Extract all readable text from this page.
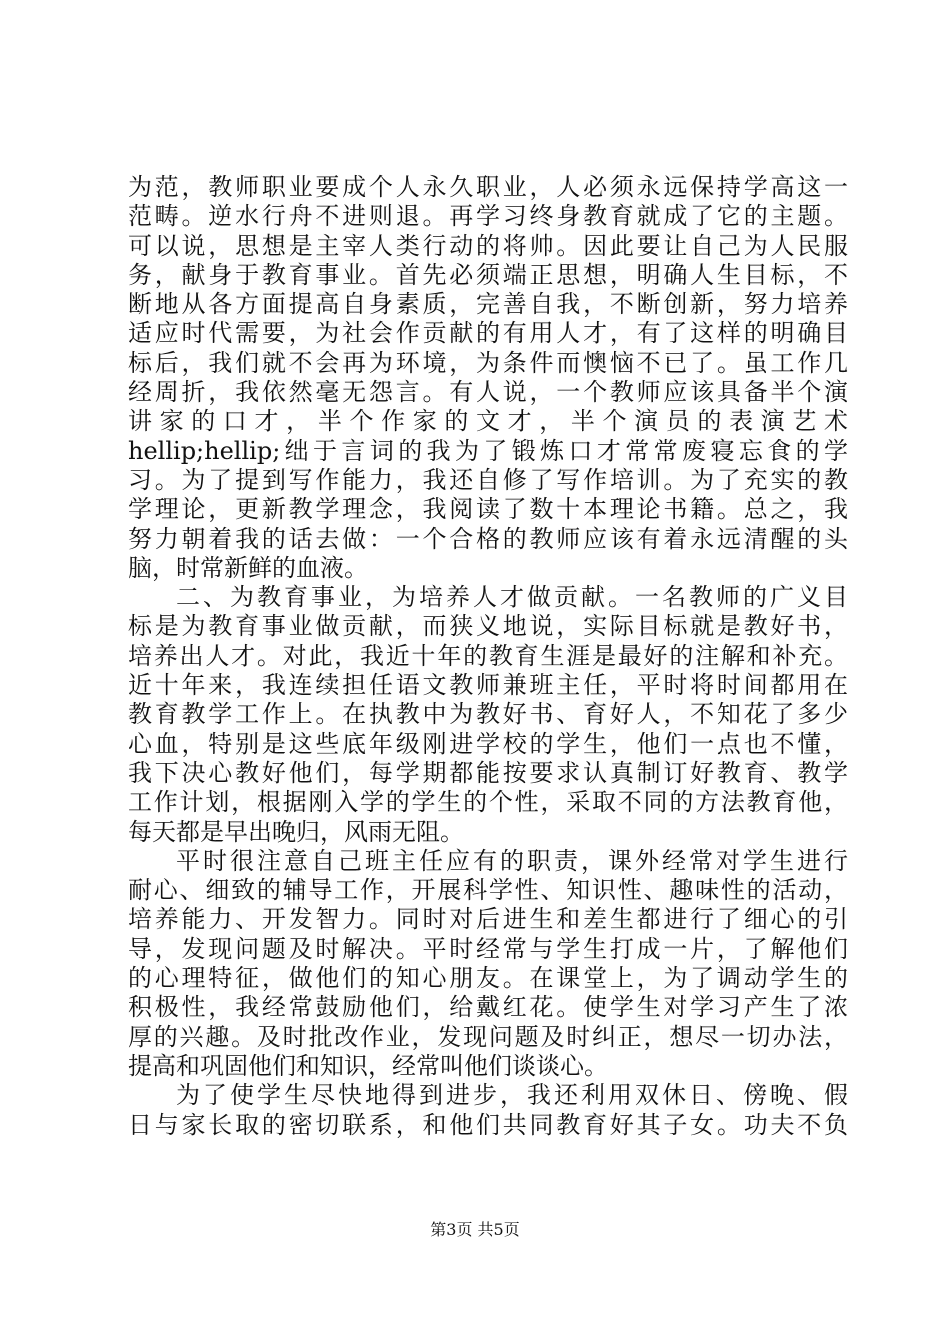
为范，教师职业要成个人永久职业，人必须永远保持学高这一
范畴。逆水行舟不进则退。再学习终身教育就成了它的主题。
可以说，思想是主宰人类行动的将帅。因此要让自己为人民服
务，献身于教育事业。首先必须端正思想，明确人生目标，不
断地从各方面提高自身素质，完善自我，不断创新，努力培养
适应时代需要，为社会作贡献的有用人才，有了这样的明确目
标后，我们就不会再为环境，为条件而懊恼不已了。虽工作几
经周折，我依然毫无怨言。有人说，一个教师应该具备半个演
讲家的口才，半个作家的文才，半个演员的表演艺术
hellip;hellip;绌于言词的我为了锻炼口才常常废寝忘食的学
习。为了提到写作能力，我还自修了写作培训。为了充实的教
学理论，更新教学理念，我阅读了数十本理论书籍。总之，我
努力朝着我的话去做：一个合格的教师应该有着永远清醒的头
脑，时常新鲜的血液。
二、为教育事业，为培养人才做贡献。一名教师的广义目
标是为教育事业做贡献，而狭义地说，实际目标就是教好书，
培养出人才。对此，我近十年的教育生涯是最好的注解和补充。
近十年来，我连续担任语文教师兼班主任，平时将时间都用在
教育教学工作上。在执教中为教好书、育好人，不知花了多少
心血，特别是这些底年级刚进学校的学生，他们一点也不懂，
我下决心教好他们，每学期都能按要求认真制订好教育、教学
工作计划，根据刚入学的学生的个性，采取不同的方法教育他，
每天都是早出晚归，风雨无阻。
平时很注意自己班主任应有的职责，课外经常对学生进行
耐心、细致的辅导工作，开展科学性、知识性、趣味性的活动，
培养能力、开发智力。同时对后进生和差生都进行了细心的引
导，发现问题及时解决。平时经常与学生打成一片，了解他们
的心理特征，做他们的知心朋友。在课堂上，为了调动学生的
积极性，我经常鼓励他们，给戴红花。使学生对学习产生了浓
厚的兴趣。及时批改作业，发现问题及时纠正，想尽一切办法，
提高和巩固他们和知识，经常叫他们谈谈心。
为了使学生尽快地得到进步，我还利用双休日、傍晚、假
日与家长取的密切联系，和他们共同教育好其子女。功夫不负
第3页 共5页
